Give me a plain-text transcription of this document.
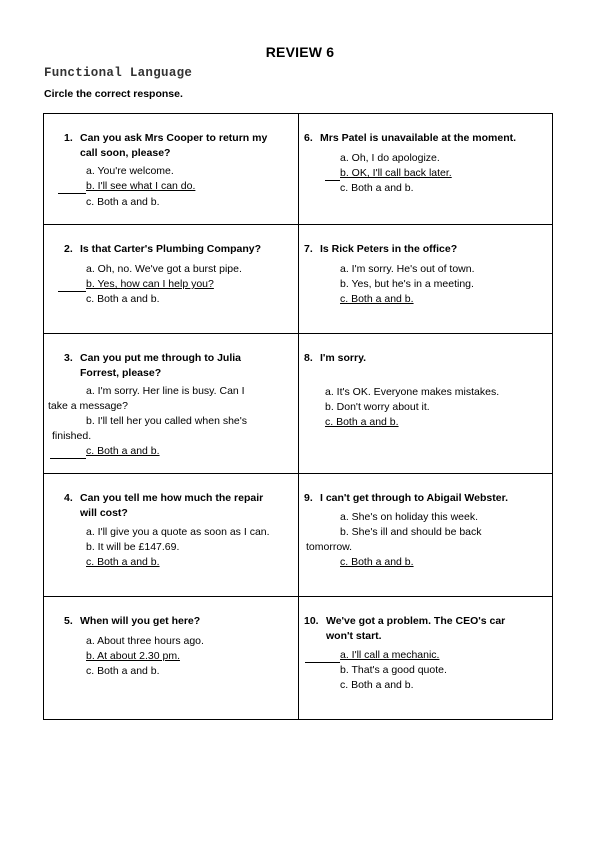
REVIEW 6
Functional Language
Circle the correct response.
1. Can you ask Mrs Cooper to return my
call soon, please?
a. You're welcome.
b. I'll see what I can do.
c. Both a and b.
6. Mrs Patel is unavailable at the moment.
a. Oh, I do apologize.
b. OK, I'll call back later.
c. Both a and b.
2. Is that Carter's Plumbing Company?
a. Oh, no. We've got a burst pipe.
b. Yes, how can I help you?
c. Both a and b.
7. Is Rick Peters in the office?
a. I'm sorry. He's out of town.
b. Yes, but he's in a meeting.
c. Both a and b.
3. Can you put me through to Julia
Forrest, please?
a. I'm sorry. Her line is busy. Can I
take a message?
b. I'll tell her you called when she's
finished.
c. Both a and b.
8. I'm sorry.
a. It's OK. Everyone makes mistakes.
b. Don't worry about it.
c. Both a and b.
4. Can you tell me how much the repair
will cost?
a. I'll give you a quote as soon as I can.
b. It will be £147.69.
c. Both a and b.
9. I can't get through to Abigail Webster.
a. She's on holiday this week.
b. She's ill and should be back
tomorrow.
c. Both a and b.
5. When will you get here?
a. About three hours ago.
b. At about 2.30 pm.
c. Both a and b.
10. We've got a problem. The CEO's car
won't start.
a. I'll call a mechanic.
b. That's a good quote.
c. Both a and b.
